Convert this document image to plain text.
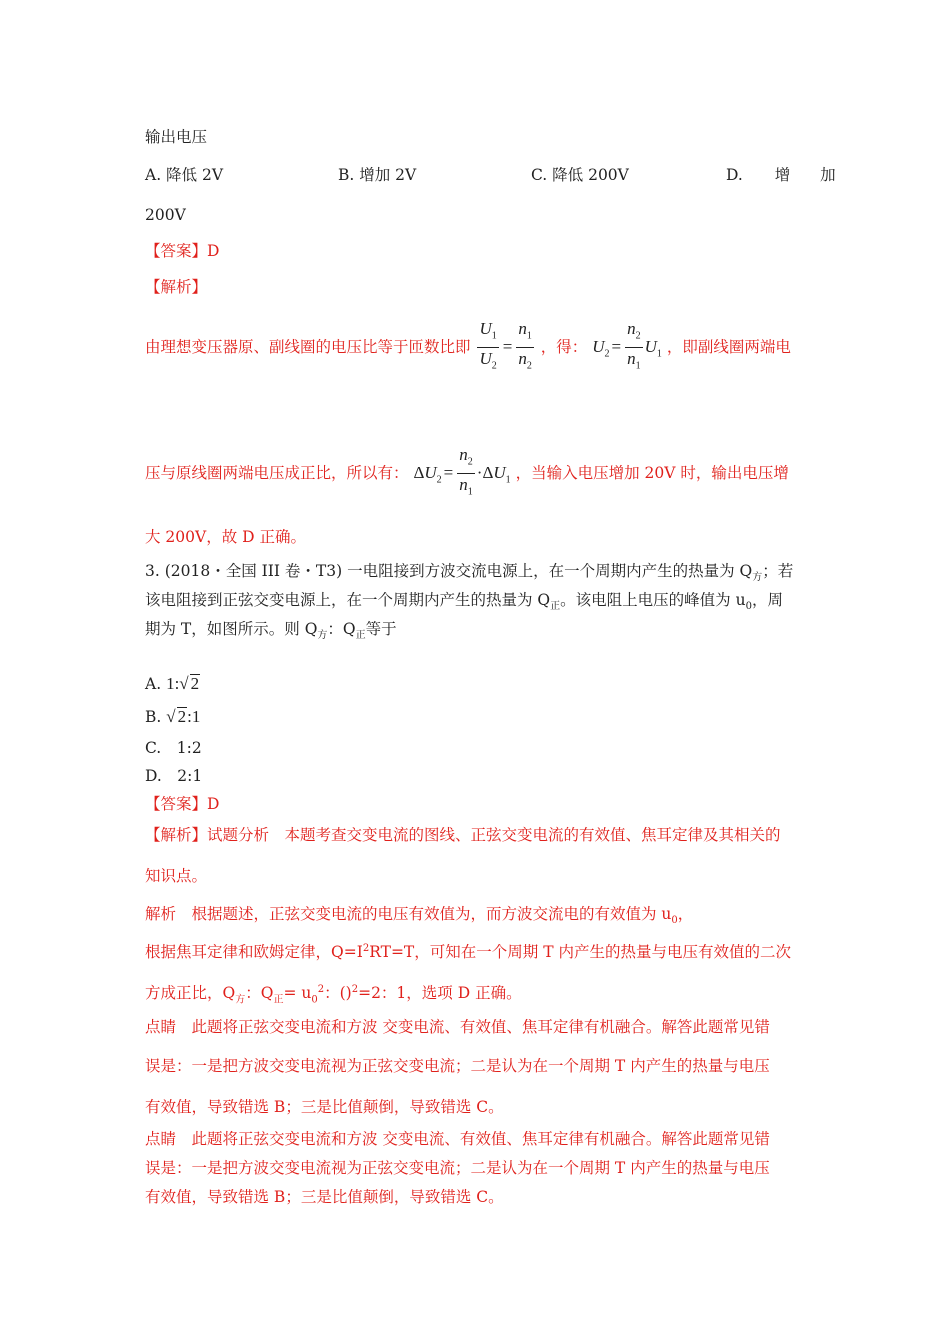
输出电压
A. 降低 2V	B. 增加 2V	C. 降低 200V	D. 增 加
200V
【答案】D
【解析】
由理想变压器原、副线圈的电压比等于匝数比即 $\frac{U_1}{U_2} = \frac{n_1}{n_2}$ ，得： $U_2 = \frac{n_2}{n_1} U_1$ ，即副线圈两端电
压与原线圈两端电压成正比，所以有： $\Delta U_2 = \frac{n_2}{n_1} \cdot\Delta U_1$ ，当输入电压增加 20V 时，输出电压增
大 200V，故 D 正确。
3. (2018・全国 III 卷・T3) 一电阻接到方波交流电源上，在一个周期内产生的热量为 $Q_方$；若
该电阻接到正弦交变电源上，在一个周期内产生的热量为 $Q_正$。该电阻上电压的峰值为 $u_0$，周
期为 T，如图所示。则 $Q_方$：$Q_正$等于
A. 1:√ 2
B. √ 2:1
C.　1:2
D.　2:1
【答案】D
【解析】试题分析　本题考查交变电流的图线、正弦交变电流的有效值、焦耳定律及其相关的
知识点。
解析　根据题述，正弦交变电流的电压有效值为，而方波交流电的有效值为 $u_0$，
根据焦耳定律和欧姆定律，$Q=I^2RT=T$，可知在一个周期 T 内产生的热量与电压有效值的二次
方成正比，$Q_方$：$Q_正= u_0^2$：()$^2$=2：1，选项 D 正确。
点睛　此题将正弦交变电流和方波 交变电流、有效值、焦耳定律有机融合。解答此题常见错
误是：一是把方波交变电流视为正弦交变电流；二是认为在一个周期 T 内产生的热量与电压
有效值，导致错选 B；三是比值颠倒，导致错选 C。
点睛　此题将正弦交变电流和方波 交变电流、有效值、焦耳定律有机融合。解答此题常见错
误是：一是把方波交变电流视为正弦交变电流；二是认为在一个周期 T 内产生的热量与电压
有效值，导致错选 B；三是比值颠倒，导致错选 C。
